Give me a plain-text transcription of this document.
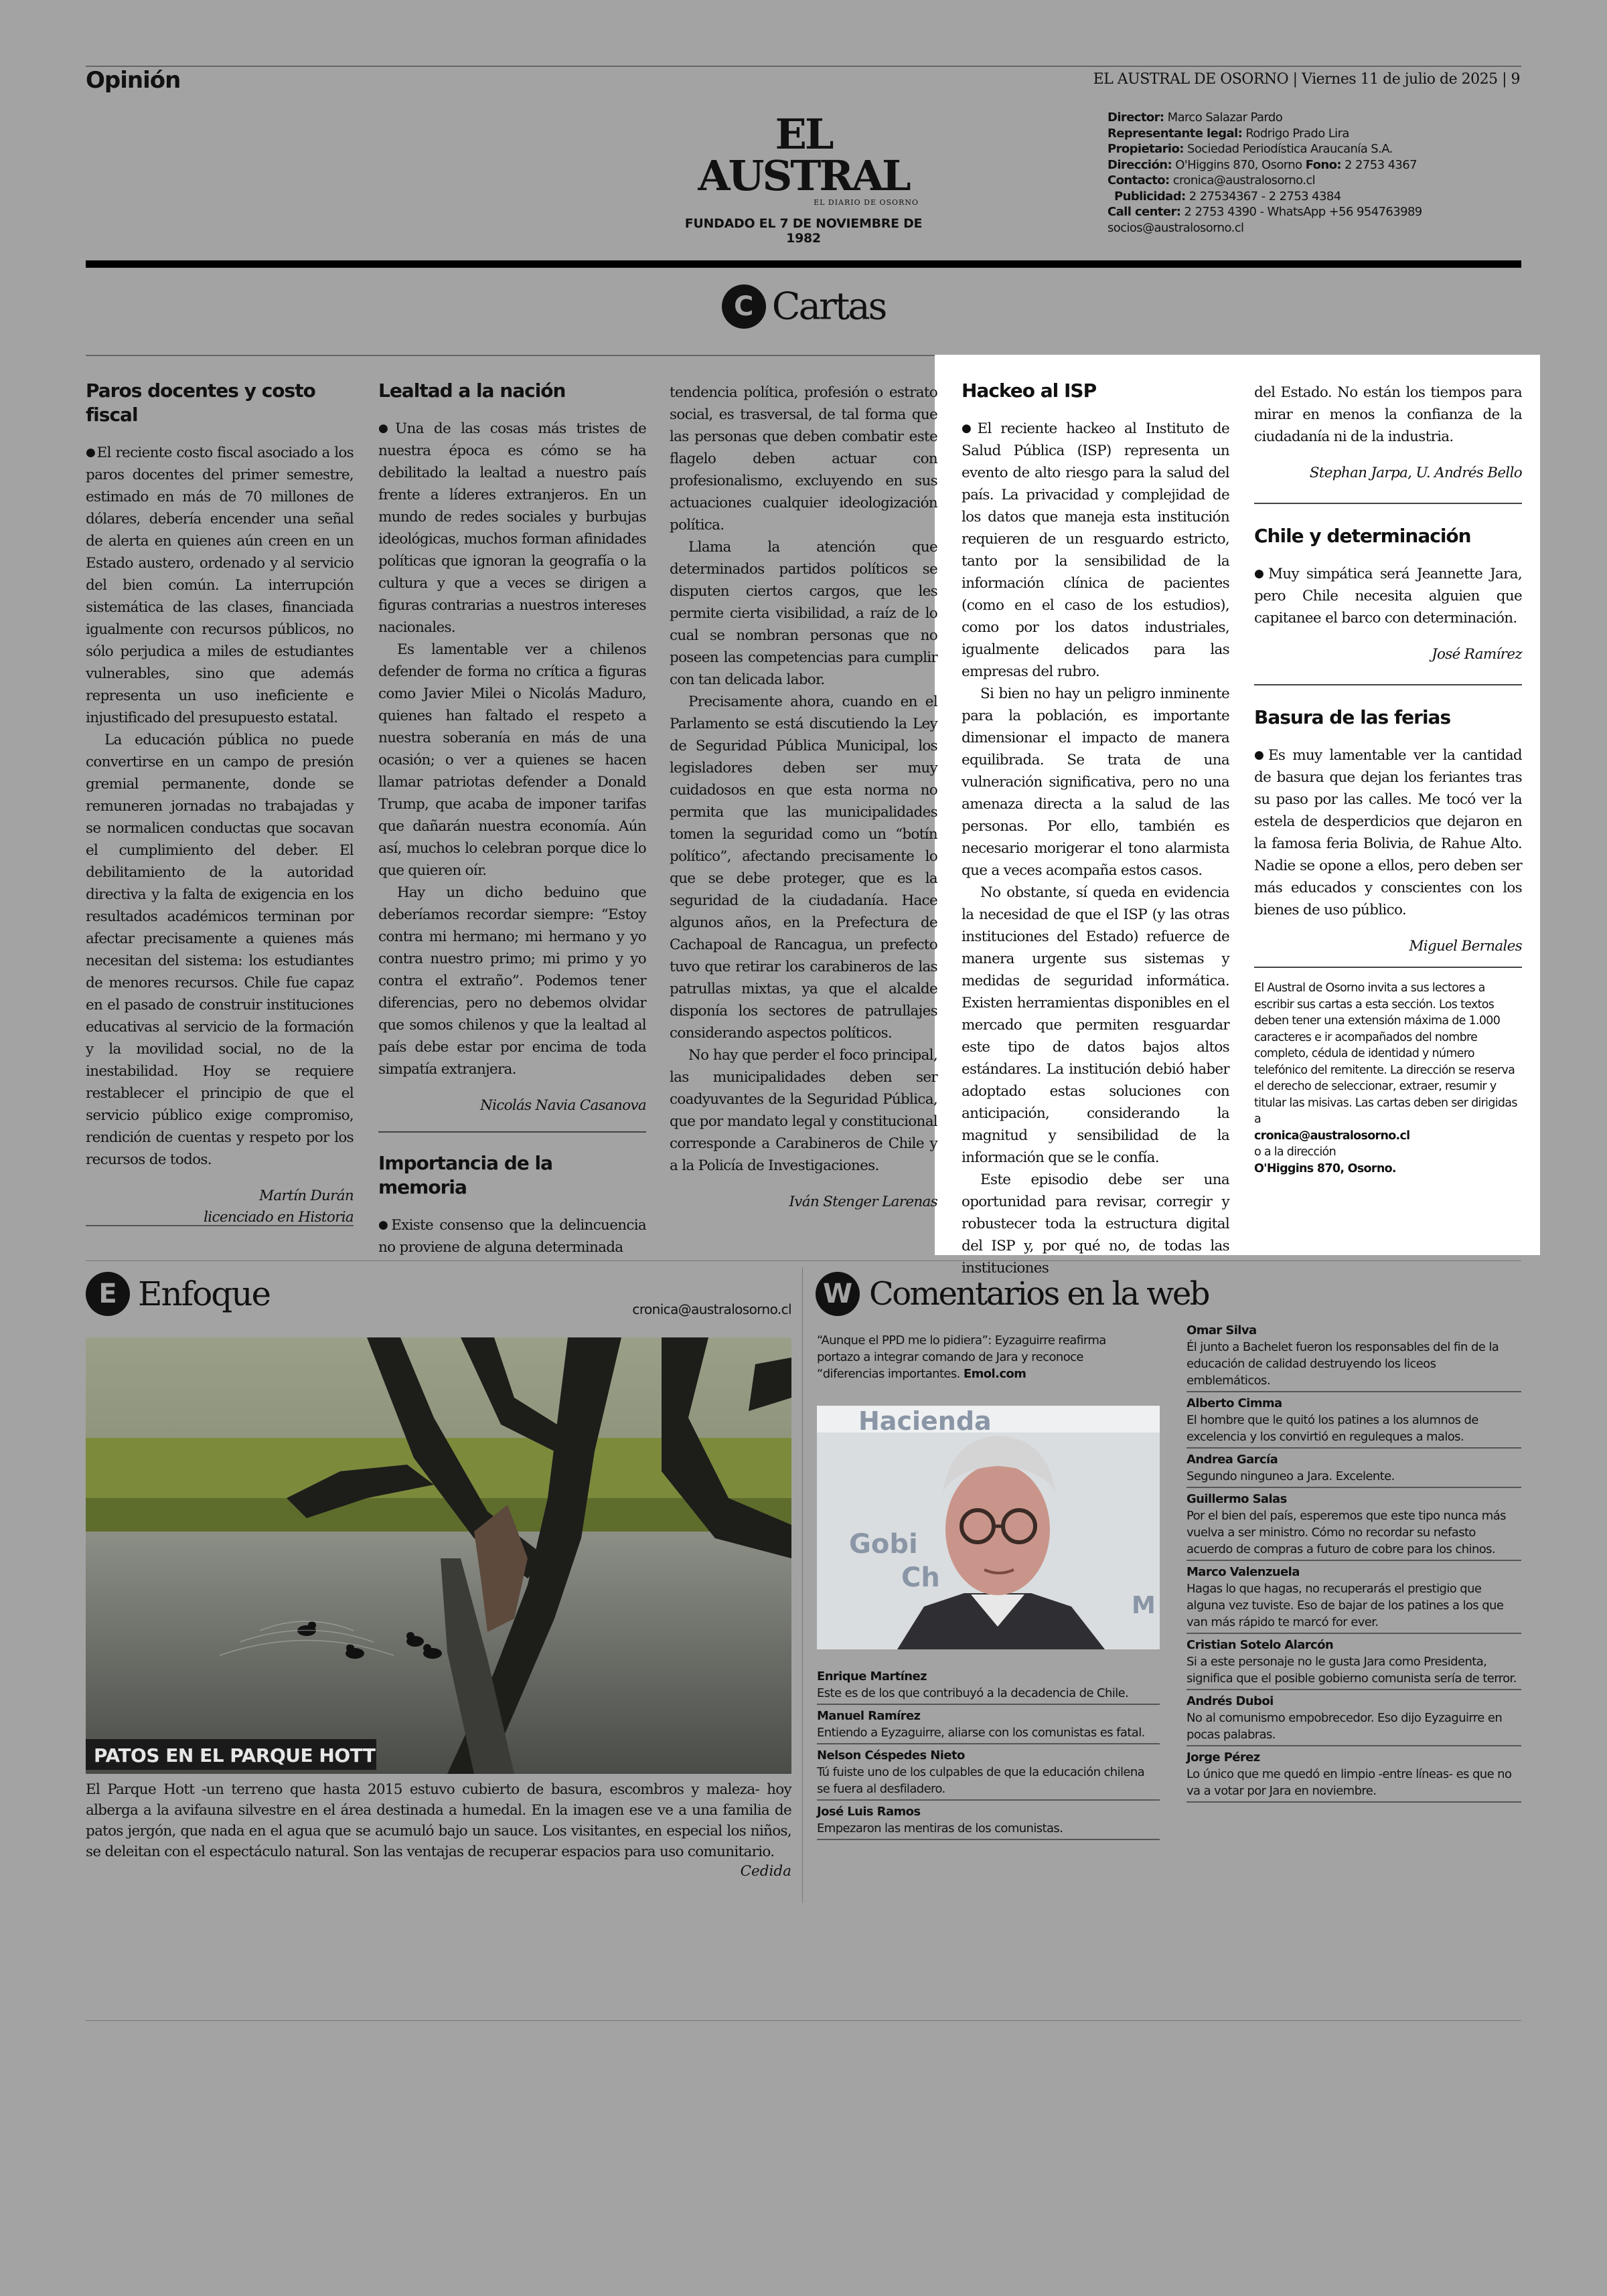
Opinión	EL AUSTRAL DE OSORNO | Viernes 11 de julio de 2025 | 9
EL AUSTRAL
EL DIARIO DE OSORNO
FUNDADO EL 7 DE NOVIEMBRE DE 1982
Director: Marco Salazar Pardo
Representante legal: Rodrigo Prado Lira
Propietario: Sociedad Periodística Araucanía S.A.
Dirección: O'Higgins 870, Osorno Fono: 2 2753 4367
Contacto: cronica@australosorno.cl
Publicidad: 2 27534367 - 2 2753 4384
Call center: 2 2753 4390 - WhatsApp +56 954763989
socios@australosorno.cl
C Cartas
Paros docentes y costo fiscal

● El reciente costo fiscal asociado a los paros docentes del primer semestre, estimado en más de 70 millones de dólares, debería encender una señal de alerta en quienes aún creen en un Estado austero, ordenado y al servicio del bien común. La interrupción sistemática de las clases, financiada igualmente con recursos públicos, no sólo perjudica a miles de estudiantes vulnerables, sino que además representa un uso ineficiente e injustificado del presupuesto estatal.

La educación pública no puede convertirse en un campo de presión gremial permanente, donde se remuneren jornadas no trabajadas y se normalicen conductas que socavan el cumplimiento del deber. El debilitamiento de la autoridad directiva y la falta de exigencia en los resultados académicos terminan por afectar precisamente a quienes más necesitan del sistema: los estudiantes de menores recursos. Chile fue capaz en el pasado de construir instituciones educativas al servicio de la formación y la movilidad social, no de la inestabilidad. Hoy se requiere restablecer el principio de que el servicio público exige compromiso, rendición de cuentas y respeto por los recursos de todos.

Martín Durán

licenciado en Historia

Lealtad a la nación

● Una de las cosas más tristes de nuestra época es cómo se ha debilitado la lealtad a nuestro país frente a líderes extranjeros. En un mundo de redes sociales y burbujas ideológicas, muchos forman afinidades políticas que ignoran la geografía o la cultura y que a veces se dirigen a figuras contrarias a nuestros intereses nacionales.

Es lamentable ver a chilenos defender de forma no crítica a figuras como Javier Milei o Nicolás Maduro, quienes han faltado el respeto a nuestra soberanía en más de una ocasión; o ver a quienes se hacen llamar patriotas defender a Donald Trump, que acaba de imponer tarifas que dañarán nuestra economía. Aún así, muchos lo celebran porque dice lo que quieren oír.

Hay un dicho beduino que deberíamos recordar siempre: “Estoy contra mi hermano; mi hermano y yo contra nuestro primo; mi primo y yo contra el extraño”. Podemos tener diferencias, pero no debemos olvidar que somos chilenos y que la lealtad al país debe estar por encima de toda simpatía extranjera.

Nicolás Navia Casanova

Importancia de la memoria

● Existe consenso que la delincuencia no proviene de alguna determinada

tendencia política, profesión o estrato social, es trasversal, de tal forma que las personas que deben combatir este flagelo deben actuar con profesionalismo, excluyendo en sus actuaciones cualquier ideologización política.

Llama la atención que determinados partidos políticos se disputen ciertos cargos, que les permite cierta visibilidad, a raíz de lo cual se nombran personas que no poseen las competencias para cumplir con tan delicada labor.

Precisamente ahora, cuando en el Parlamento se está discutiendo la Ley de Seguridad Pública Municipal, los legisladores deben ser muy cuidadosos en que esta norma no permita que las municipalidades tomen la seguridad como un “botín político”, afectando precisamente lo que se debe proteger, que es la seguridad de la ciudadanía. Hace algunos años, en la Prefectura de Cachapoal de Rancagua, un prefecto tuvo que retirar los carabineros de las patrullas mixtas, ya que el alcalde disponía los sectores de patrullajes considerando aspectos políticos.

No hay que perder el foco principal, las municipalidades deben ser coadyuvantes de la Seguridad Pública, que por mandato legal y constitucional corresponde a Carabineros de Chile y a la Policía de Investigaciones.

Iván Stenger Larenas

Hackeo al ISP

● El reciente hackeo al Instituto de Salud Pública (ISP) representa un evento de alto riesgo para la salud del país. La privacidad y complejidad de los datos que maneja esta institución requieren de un resguardo estricto, tanto por la sensibilidad de la información clínica de pacientes (como en el caso de los estudios), como por los datos industriales, igualmente delicados para las empresas del rubro.

Si bien no hay un peligro inminente para la población, es importante dimensionar el impacto de manera equilibrada. Se trata de una vulneración significativa, pero no una amenaza directa a la salud de las personas. Por ello, también es necesario morigerar el tono alarmista que a veces acompaña estos casos.

No obstante, sí queda en evidencia la necesidad de que el ISP (y las otras instituciones del Estado) refuerce de manera urgente sus sistemas y medidas de seguridad informática. Existen herramientas disponibles en el mercado que permiten resguardar este tipo de datos bajos altos estándares. La institución debió haber adoptado estas soluciones con anticipación, considerando la magnitud y sensibilidad de la información que se le confía.

Este episodio debe ser una oportunidad para revisar, corregir y robustecer toda la estructura digital del ISP y, por qué no, de todas las instituciones

del Estado. No están los tiempos para mirar en menos la confianza de la ciudadanía ni de la industria.

Stephan Jarpa, U. Andrés Bello

Chile y determinación

● Muy simpática será Jeannette Jara, pero Chile necesita alguien que capitanee el barco con determinación.

José Ramírez

Basura de las ferias

● Es muy lamentable ver la cantidad de basura que dejan los feriantes tras su paso por las calles. Me tocó ver la estela de desperdicios que dejaron en la famosa feria Bolivia, de Rahue Alto. Nadie se opone a ellos, pero deben ser más educados y conscientes con los bienes de uso público.

Miguel Bernales

El Austral de Osorno invita a sus lectores a escribir sus cartas a esta sección. Los textos deben tener una extensión máxima de 1.000 caracteres e ir acompañados del nombre completo, cédula de identidad y número telefónico del remitente. La dirección se reserva el derecho de seleccionar, extraer, resumir y titular las misivas. Las cartas deben ser dirigidas a
cronica@australosorno.cl
o a la dirección
O'Higgins 870, Osorno.
E Enfoque	cronica@australosorno.cl
PATOS EN EL PARQUE HOTT
El Parque Hott -un terreno que hasta 2015 estuvo cubierto de basura, escombros y maleza- hoy alberga a la avifauna silvestre en el área destinada a humedal. En la imagen ese ve a una familia de patos jergón, que nada en el agua que se acumuló bajo un sauce. Los visitantes, en especial los niños, se deleitan con el espectáculo natural. Son las ventajas de recuperar espacios para uso comunitario.
Cedida
W Comentarios en la web
“Aunque el PPD me lo pidiera”: Eyzaguirre reafirma portazo a integrar comando de Jara y reconoce “diferencias importantes. Emol.com
Hacienda
Gobi
Ch
M
Enrique Martínez
Este es de los que contribuyó a la decadencia de Chile.
Manuel Ramírez
Entiendo a Eyzaguirre, aliarse con los comunistas es fatal.
Nelson Céspedes Nieto
Tú fuiste uno de los culpables de que la educación chilena se fuera al desfiladero.
José Luis Ramos
Empezaron las mentiras de los comunistas.
Omar Silva
Él junto a Bachelet fueron los responsables del fin de la educación de calidad destruyendo los liceos emblemáticos.
Alberto Cimma
El hombre que le quitó los patines a los alumnos de excelencia y los convirtió en reguleques a malos.
Andrea García
Segundo ninguneo a Jara. Excelente.
Guillermo Salas
Por el bien del país, esperemos que este tipo nunca más vuelva a ser ministro. Cómo no recordar su nefasto acuerdo de compras a futuro de cobre para los chinos.
Marco Valenzuela
Hagas lo que hagas, no recuperarás el prestigio que alguna vez tuviste. Eso de bajar de los patines a los que van más rápido te marcó for ever.
Cristian Sotelo Alarcón
Si a este personaje no le gusta Jara como Presidenta, significa que el posible gobierno comunista sería de terror.
Andrés Duboi
No al comunismo empobrecedor. Eso dijo Eyzaguirre en pocas palabras.
Jorge Pérez
Lo único que me quedó en limpio -entre líneas- es que no va a votar por Jara en noviembre.
